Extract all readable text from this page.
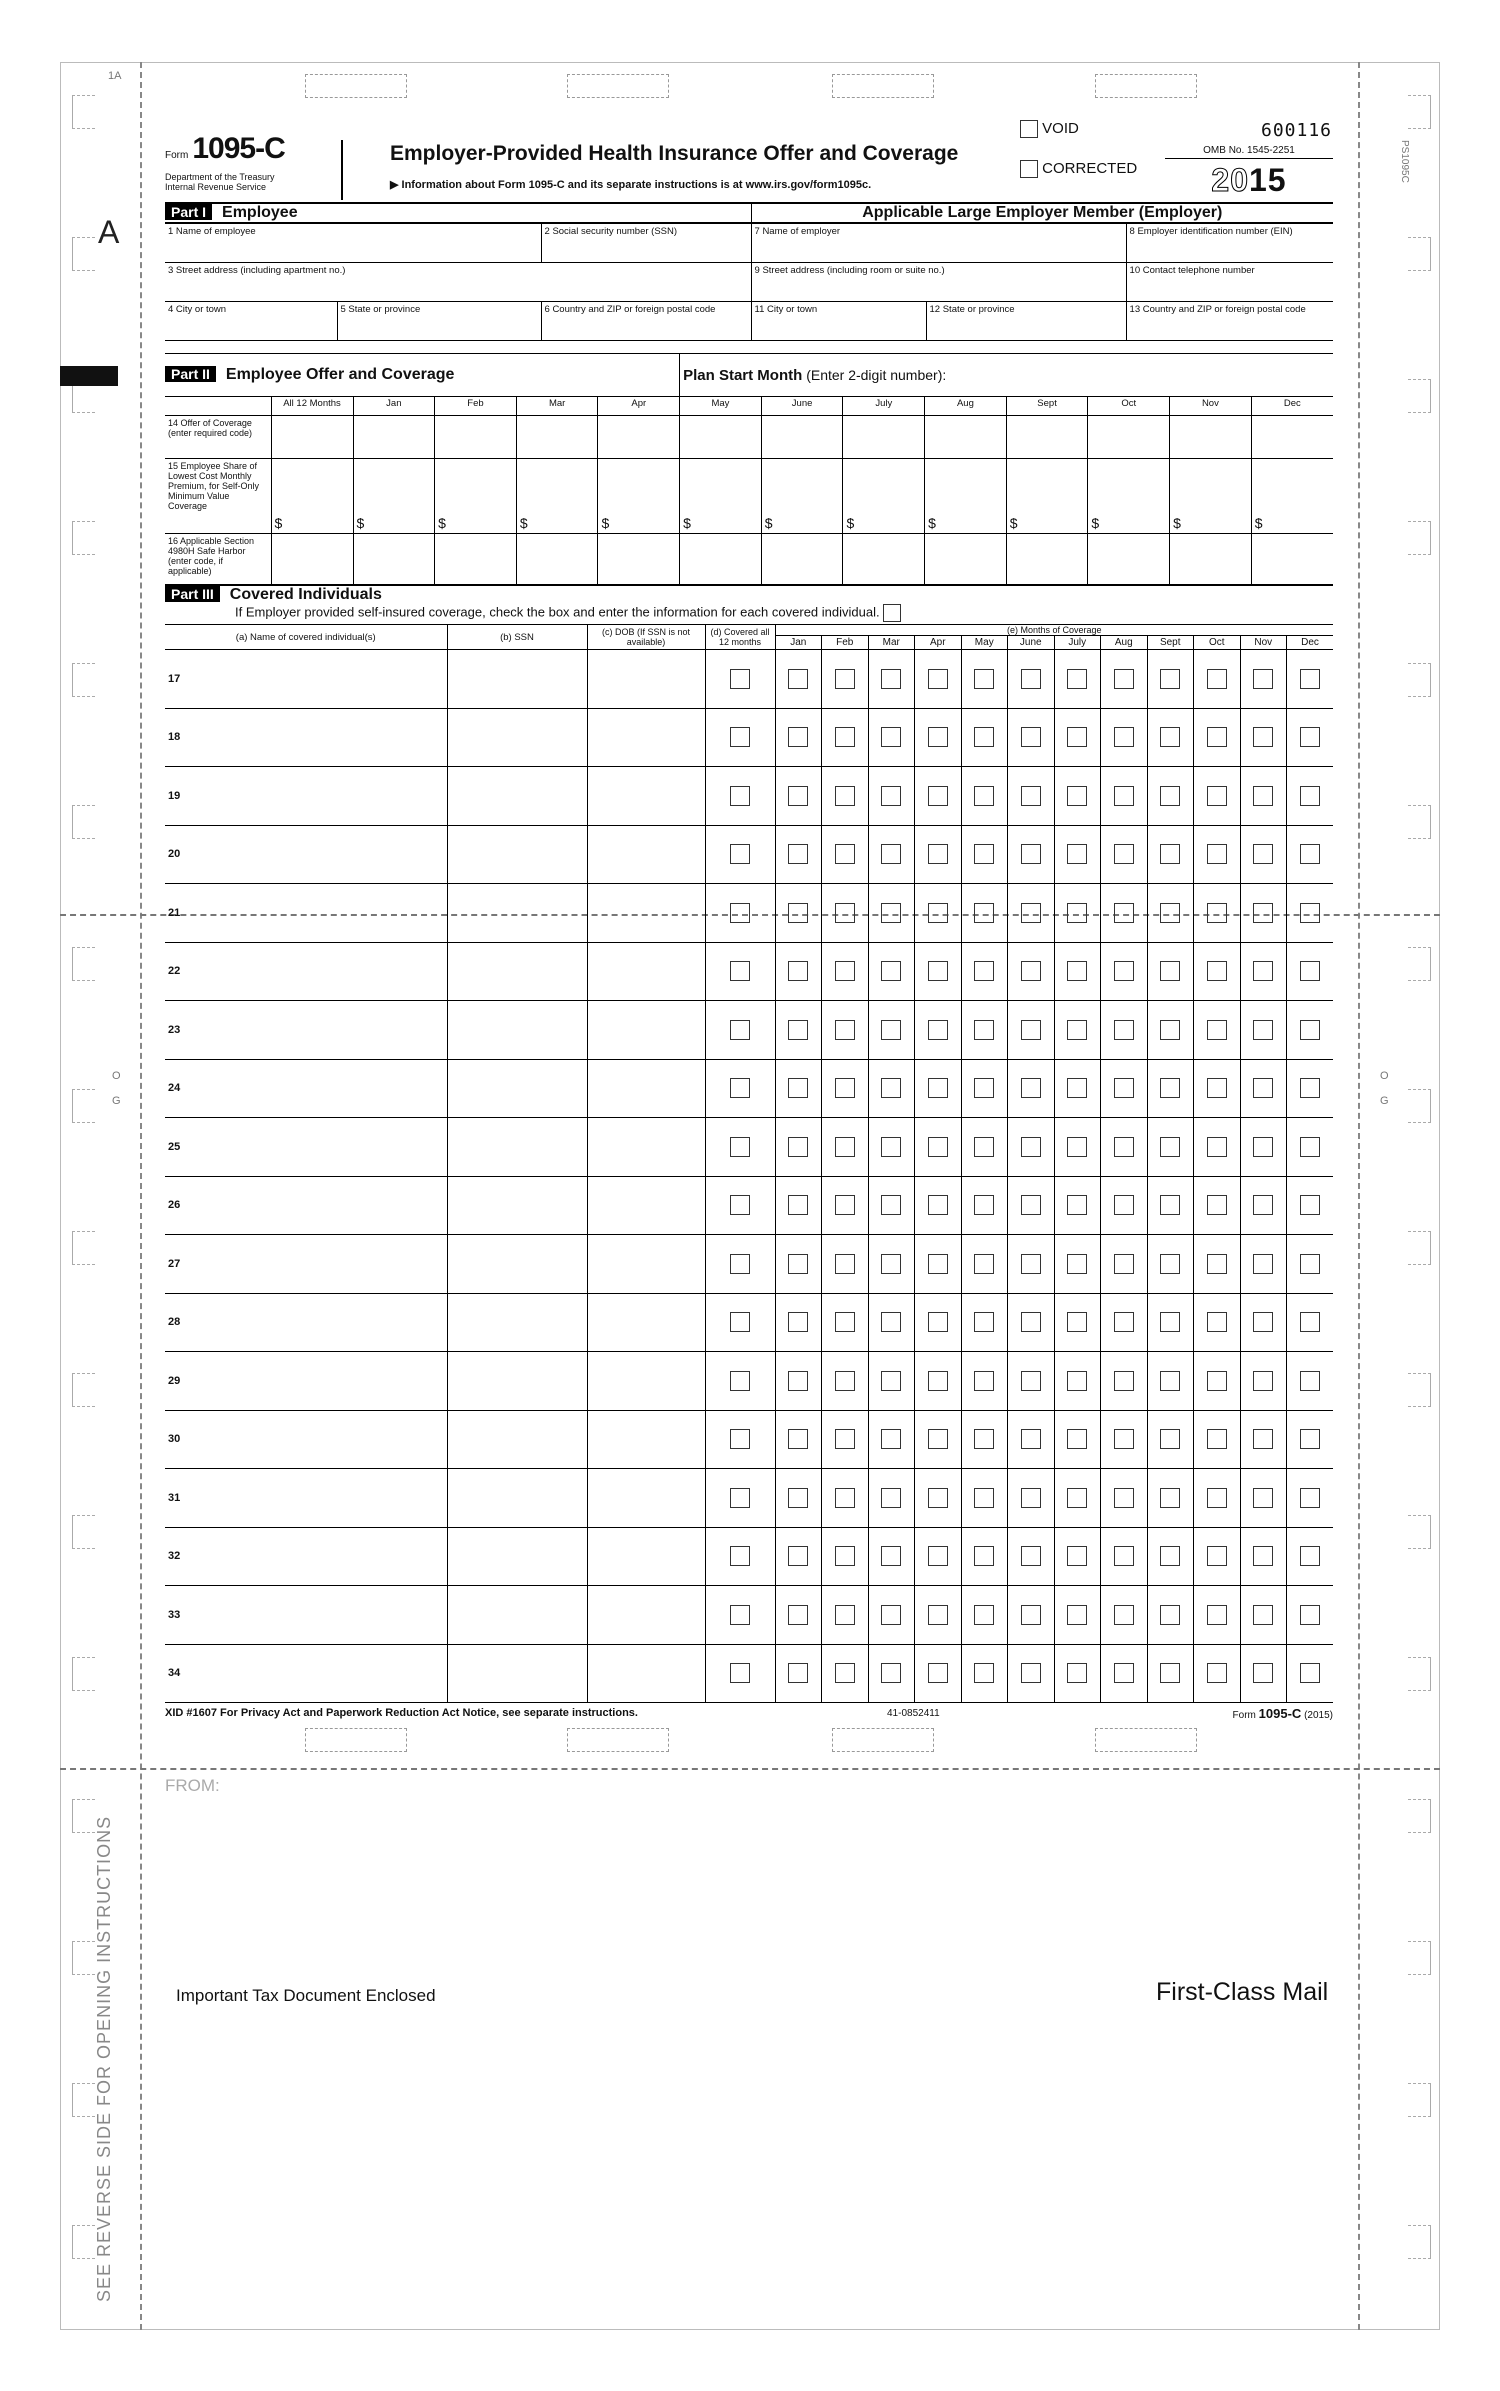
1A
A
PS1095C
O
G
O
G
Form 1095-C
Department of the Treasury
Internal Revenue Service
Employer-Provided Health Insurance Offer and Coverage
▶ Information about Form 1095-C and its separate instructions is at www.irs.gov/form1095c.
VOID
CORRECTED
600116
OMB No. 1545-2251
2015
Part I Employee	Applicable Large Employer Member (Employer)
1 Name of employee		2 Social security number (SSN)	7 Name of employer		8 Employer identification number (EIN)
3 Street address (including apartment no.)			9 Street address (including room or suite no.)		10 Contact telephone number
4 City or town	5 State or province	6 Country and ZIP or foreign postal code	11 City or town	12 State or province	13 Country and ZIP or foreign postal code
Part II Employee Offer and Coverage						Plan Start Month (Enter 2-digit number):							
	All 12 Months	Jan	Feb	Mar	Apr	May	June	July	Aug	Sept	Oct	Nov	Dec
14 Offer of Coverage (enter required code)													
15 Employee Share of Lowest Cost Monthly Premium, for Self-Only Minimum Value Coverage	$	$	$	$	$	$	$	$	$	$	$	$	$
16 Applicable Section 4980H Safe Harbor (enter code, if applicable)													
Part III Covered Individuals
If Employer provided self-insured coverage, check the box and enter the information for each covered individual.															

(a) Name of covered individual(s)	(b) SSN	(c) DOB (If SSN is not available)	(d) Covered all 12 months	(e) Months of Coverage											
				Jan	Feb	Mar	Apr	May	June	July	Aug	Sept	Oct	Nov	Dec
17			

18			

19			

20			

21			

22			

23			

24			

25			

26			

27			

28			

29			

30			

31			

32			

33			

34			

XID #1607 For Privacy Act and Paperwork Reduction Act Notice, see separate instructions.	41-0852411	Form 1095-C (2015)
FROM:
Important Tax Document Enclosed	First-Class Mail
SEE REVERSE SIDE FOR OPENING INSTRUCTIONS
